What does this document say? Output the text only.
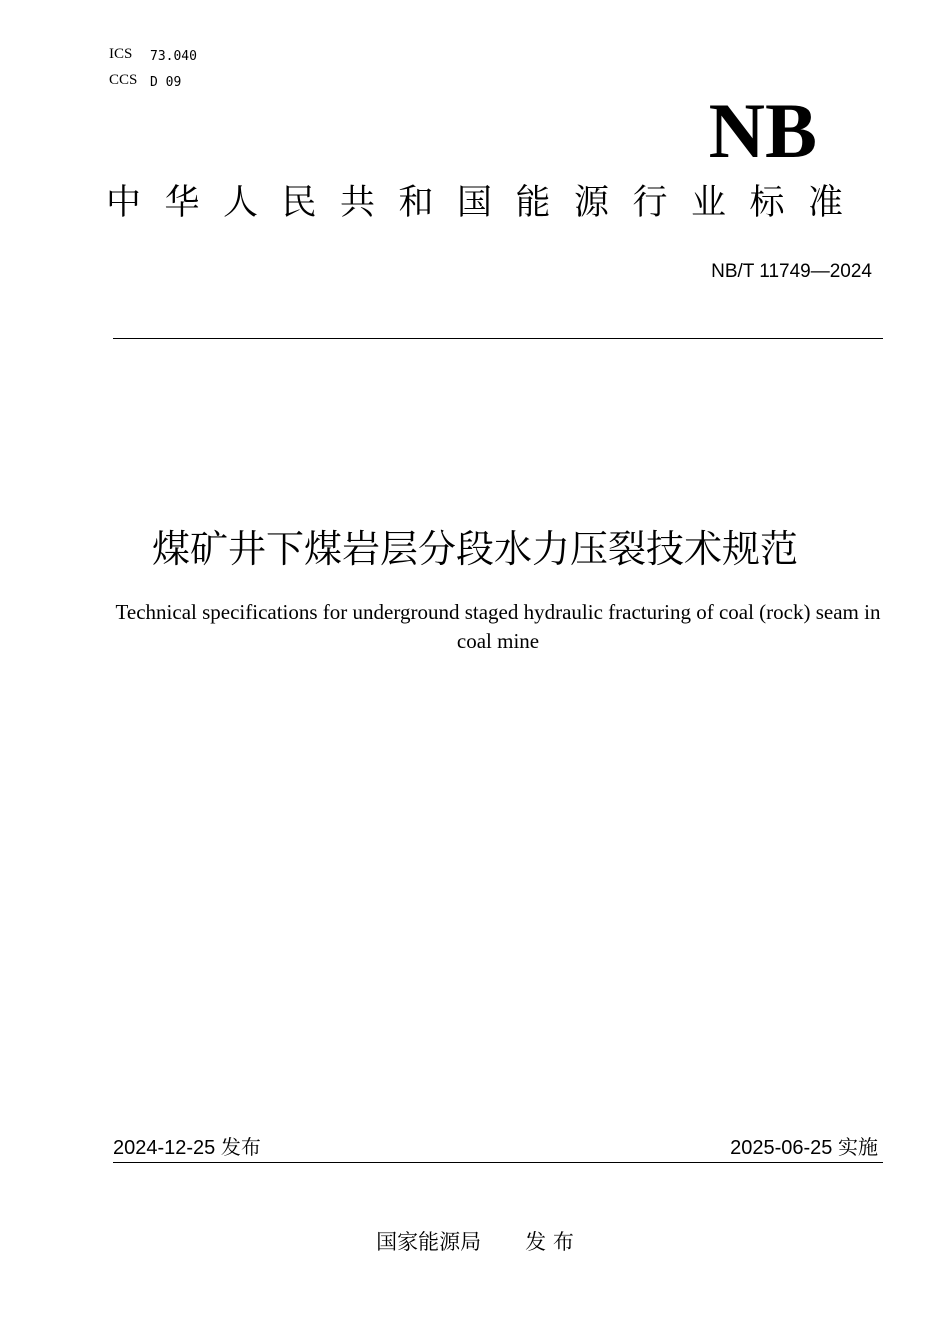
ICS 73.040
CCS D 09
NB
中华人民共和国能源行业标准
NB/T 11749—2024
煤矿井下煤岩层分段水力压裂技术规范
Technical specifications for underground staged hydraulic fracturing of coal (rock) seam in coal mine
2024-12-25 发布	2025-06-25 实施
国家能源局 发 布
